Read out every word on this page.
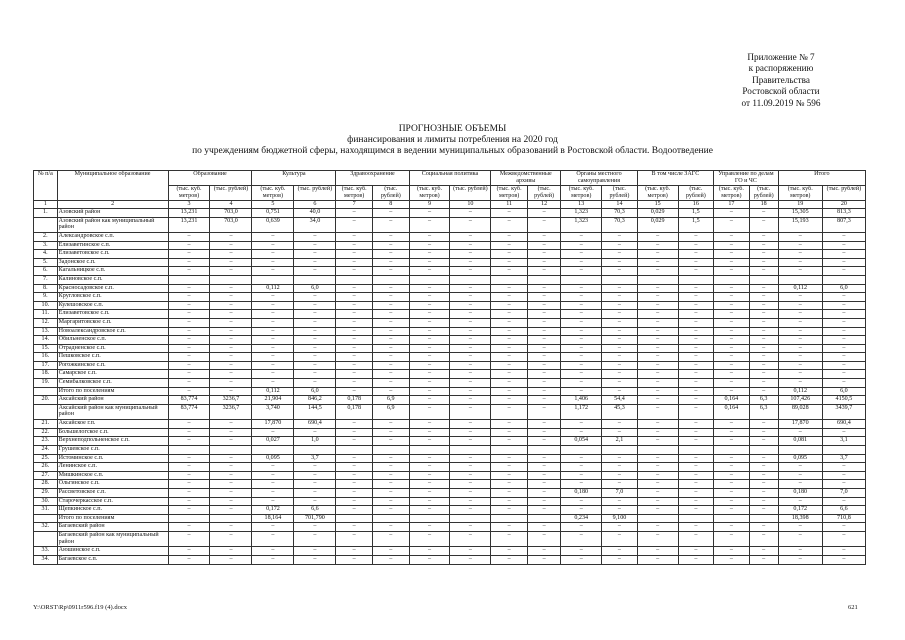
Приложение № 7
к распоряжению
Правительства
Ростовской области
от 11.09.2019 № 596
ПРОГНОЗНЫЕ ОБЪЕМЫ
финансирования и лимиты потребления на 2020 год
по учреждениям бюджетной сферы, находящимся в ведении муниципальных образований в Ростовской области. Водоотведение
№ п/а	Муниципальное образование	Образование		Культура		Здравоохранение		Социальная политика		Межведомственные архивы		Органы местного самоуправления		В том числе ЗАГС		Управление по делам ГО и ЧС		Итого	
		(тыс. куб. метров)	(тыс. рублей)	(тыс. куб. метров)	(тыс. рублей)	(тыс. куб. метров)	(тыс. рублей)	(тыс. куб. метров)	(тыс. рублей)	(тыс. куб. метров)	(тыс. рублей)	(тыс. куб. метров)	(тыс. рублей)	(тыс. куб. метров)	(тыс. рублей)	(тыс. куб. метров)	(тыс. рублей)	(тыс. куб. метров)	(тыс. рублей)
1	2	3	4	5	6	7	8	9	10	11	12	13	14	15	16	17	18	19	20
1.	Азовский район	13,231	703,0	0,751	40,0	–	–	–	–	–	–	1,323	70,3	0,029	1,5	–	–	15,305	813,3
	Азовский район как муниципальный район	13,231	703,0	0,639	34,0	–	–	–	–	–	–	1,323	70,3	0,029	1,5	–	–	15,193	807,3
2.	Александровское с.п.	–	–	–	–	–	–	–	–	–	–	–	–	–	–	–	–	–	–
3.	Елизаветинское с.п.	–	–	–	–	–	–	–	–	–	–	–	–	–	–	–	–	–	–
4.	Елизаветовское с.п.	–	–	–	–	–	–	–	–	–	–	–	–	–	–	–	–	–	–
5.	Задонское с.п.	–	–	–	–	–	–	–	–	–	–	–	–	–	–	–	–	–	–
6.	Кагальницкое с.п.	–	–	–	–	–	–	–	–	–	–	–	–	–	–	–	–	–	–
7.	Калиновское с.п.																		
8.	Красносадовское с.п.	–	–	0,112	6,0	–	–	–	–	–	–	–	–	–	–	–	–	0,112	6,0
9.	Кругловское с.п.	–	–	–	–	–	–	–	–	–	–	–	–	–	–	–	–	–	–
10.	Кулешовское с.п.	–	–	–	–	–	–	–	–	–	–	–	–	–	–	–	–	–	–
11.	Елизаветовское с.п.	–	–	–	–	–	–	–	–	–	–	–	–	–	–	–	–	–	–
12.	Маргаритовское с.п.	–	–	–	–	–	–	–	–	–	–	–	–	–	–	–	–	–	–
13.	Новоалександровское с.п.	–	–	–	–	–	–	–	–	–	–	–	–	–	–	–	–	–	–
14.	Обильненское с.п.	–	–	–	–	–	–	–	–	–	–	–	–	–	–	–	–	–	–
15.	Отрадненское с.п.	–	–	–	–	–	–	–	–	–	–	–	–	–	–	–	–	–	–
16.	Пешковское с.п.	–	–	–	–	–	–	–	–	–	–	–	–	–	–	–	–	–	–
17.	Рогожкинское с.п.	–	–	–	–	–	–	–	–	–	–	–	–	–	–	–	–	–	–
18.	Самарское с.п.	–	–	–	–	–	–	–	–	–	–	–	–	–	–	–	–	–	–
19.	Семибалковское с.п.	–	–	–	–	–	–	–	–	–	–	–	–	–	–	–	–	–	–
	Итого по поселениям	–	–	0,112	6,0	–	–	–	–	–	–	–	–	–	–	–	–	0,112	6,0
20.	Аксайский район	83,774	3236,7	21,904	846,2	0,178	6,9	–	–	–	–	1,406	54,4	–	–	0,164	6,3	107,426	4150,5
	Аксайский район как муниципальный район	83,774	3236,7	3,740	144,5	0,178	6,9	–	–	–	–	1,172	45,3	–	–	0,164	6,3	89,028	3439,7
21.	Аксайское г.п.	–	–	17,870	690,4	–	–	–	–	–	–	–	–	–	–	–	–	17,870	690,4
22.	Большелогское с.п.	–	–	–	–	–	–	–	–	–	–	–	–	–	–	–	–	–	–
23.	Верхнеподпольненское с.п.	–	–	0,027	1,0	–	–	–	–	–	–	0,054	2,1	–	–	–	–	0,081	3,1
24.	Грушевское с.п.																		
25.	Истоминское с.п.	–	–	0,095	3,7	–	–	–	–	–	–	–	–	–	–	–	–	0,095	3,7
26.	Ленинское с.п.	–	–	–	–	–	–	–	–	–	–	–	–	–	–	–	–	–	–
27.	Мишкинское с.п.	–	–	–	–	–	–	–	–	–	–	–	–	–	–	–	–	–	–
28.	Ольгинское с.п.	–	–	–	–	–	–	–	–	–	–	–	–	–	–	–	–	–	–
29.	Рассветовское с.п.	–	–	–	–	–	–	–	–	–	–	0,180	7,0	–	–	–	–	0,180	7,0
30.	Старочеркасское с.п.	–	–	–	–	–	–	–	–	–	–	–	–	–	–	–	–	–	–
31.	Щепкинское с.п.	–	–	0,172	6,6	–	–	–	–	–	–	–	–	–	–	–	–	0,172	6,6
	Итого по поселениям			18,164	701,790							0,234	9,100					18,398	710,8
32.	Багаевский район	–	–	–	–	–	–	–	–	–	–	–	–	–	–	–	–	–	–
	Багаевский район как муниципальный район	–	–	–	–	–	–	–	–	–	–	–	–	–	–	–	–	–	–
33.	Аюшинское с.п.	–	–	–	–	–	–	–	–	–	–	–	–	–	–	–	–	–	–
34.	Багаевское с.п.	–	–	–	–	–	–	–	–	–	–	–	–	–	–	–	–	–	–
Y:\ORST\Rp\0911r596.f19 (4).docx	621
